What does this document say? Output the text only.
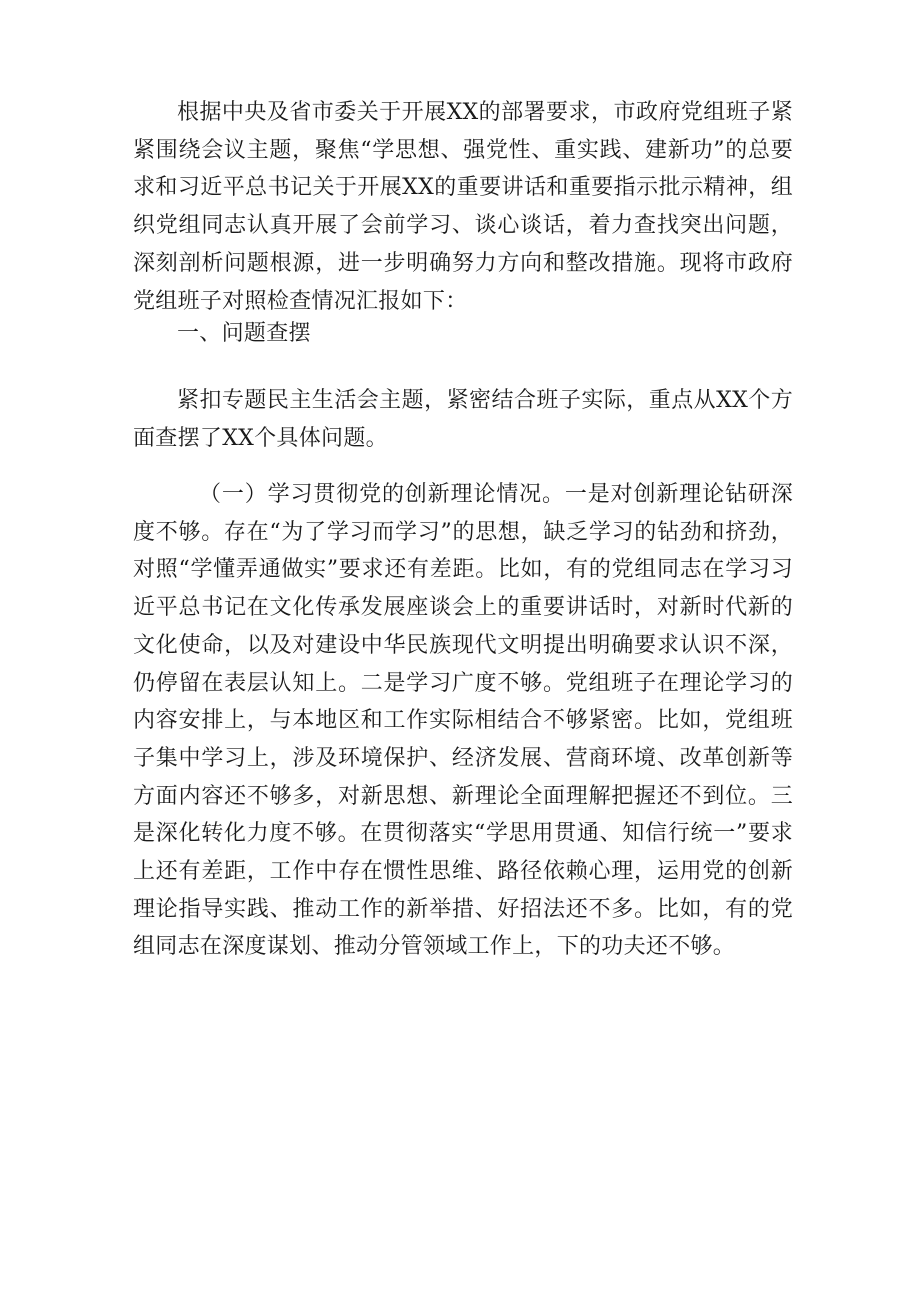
根据中央及省市委关于开展XX的部署要求，市政府党组班子紧紧围绕会议主题，聚焦“学思想、强党性、重实践、建新功”的总要求和习近平总书记关于开展XX的重要讲话和重要指示批示精神，组织党组同志认真开展了会前学习、谈心谈话，着力查找突出问题，深刻剖析问题根源，进一步明确努力方向和整改措施。现将市政府党组班子对照检查情况汇报如下：

一、问题查摆

紧扣专题民主生活会主题，紧密结合班子实际，重点从XX个方面查摆了XX个具体问题。

（一）学习贯彻党的创新理论情况。一是对创新理论钻研深度不够。存在“为了学习而学习”的思想，缺乏学习的钻劲和挤劲，对照“学懂弄通做实”要求还有差距。比如，有的党组同志在学习习近平总书记在文化传承发展座谈会上的重要讲话时，对新时代新的文化使命，以及对建设中华民族现代文明提出明确要求认识不深，仍停留在表层认知上。二是学习广度不够。党组班子在理论学习的内容安排上，与本地区和工作实际相结合不够紧密。比如，党组班子集中学习上，涉及环境保护、经济发展、营商环境、改革创新等方面内容还不够多，对新思想、新理论全面理解把握还不到位。三是深化转化力度不够。在贯彻落实“学思用贯通、知信行统一”要求上还有差距，工作中存在惯性思维、路径依赖心理，运用党的创新理论指导实践、推动工作的新举措、好招法还不多。比如，有的党组同志在深度谋划、推动分管领域工作上，下的功夫还不够。
